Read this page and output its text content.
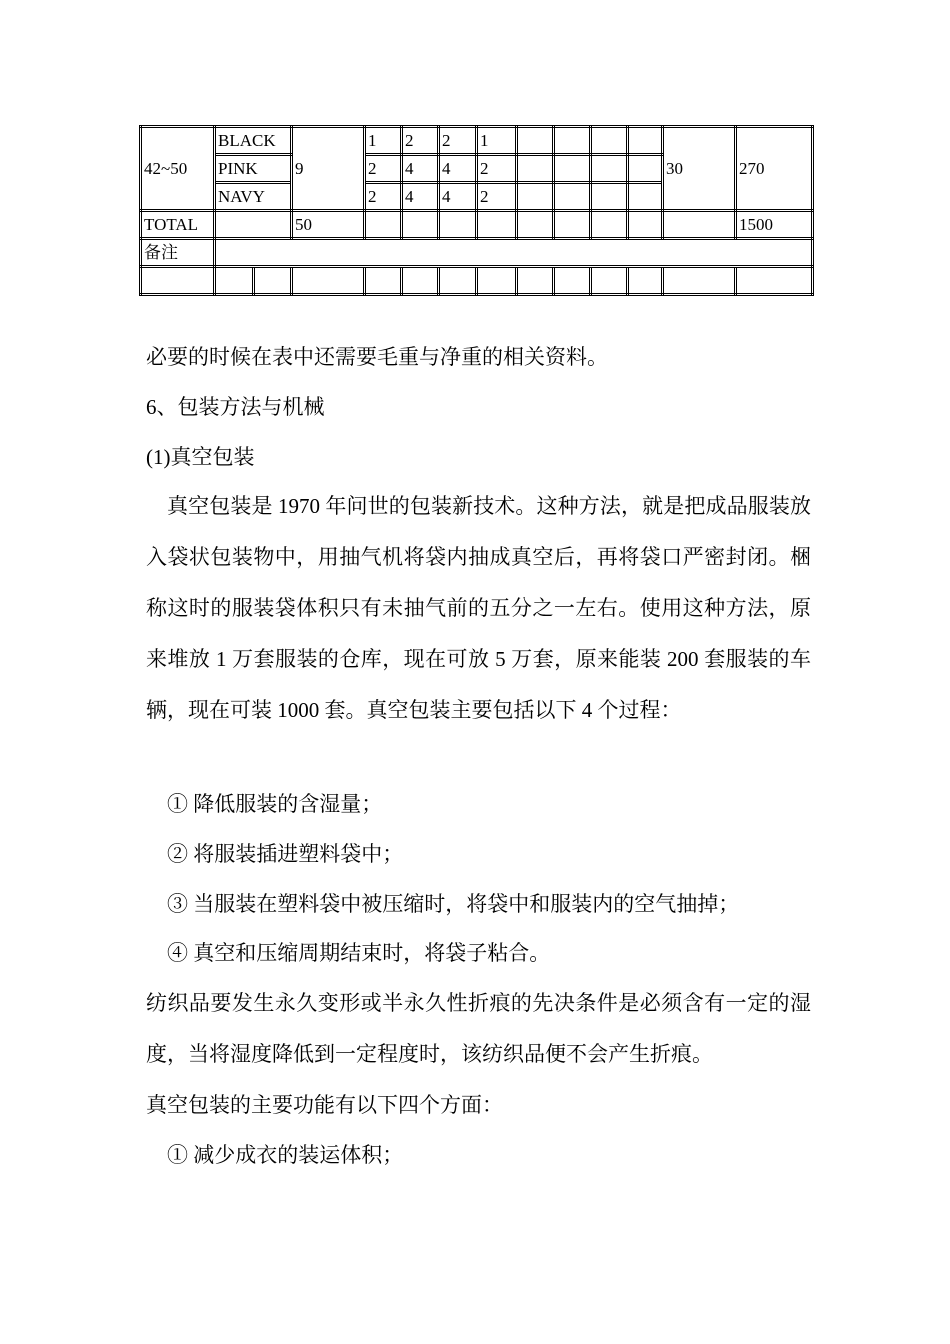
42~50	BLACK		9	1	2	2	1					30	270
	PINK			2	4	4	2						
	NAVY			2	4	4	2						
TOTAL			50										1500
备注													

必要的时候在表中还需要毛重与净重的相关资料。

6、包装方法与机械

(1)真空包装

真空包装是 1970 年问世的包装新技术。这种方法，就是把成品服装放入袋状包装物中，用抽气机将袋内抽成真空后，再将袋口严密封闭。梱称这时的服装袋体积只有未抽气前的五分之一左右。使用这种方法，原来堆放 1 万套服装的仓库，现在可放 5 万套，原来能装 200 套服装的车辆，现在可装 1000 套。真空包装主要包括以下 4 个过程：

① 降低服装的含湿量；

② 将服装插进塑料袋中；

③ 当服装在塑料袋中被压缩时，将袋中和服装内的空气抽掉；

④ 真空和压缩周期结束时，将袋子粘合。

纺织品要发生永久变形或半永久性折痕的先决条件是必须含有一定的湿度，当将湿度降低到一定程度时，该纺织品便不会产生折痕。

真空包装的主要功能有以下四个方面：

① 减少成衣的装运体积；
